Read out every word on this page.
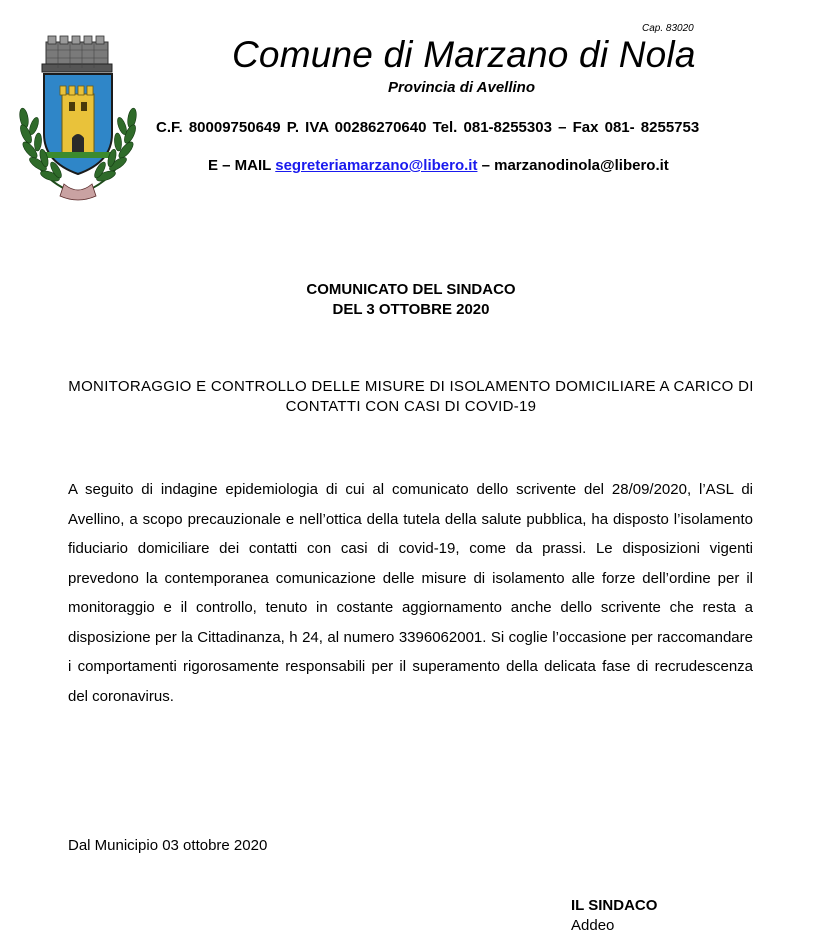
Cap. 83020
Comune di Marzano di Nola
Provincia di Avellino
C.F. 80009750649 P. IVA 00286270640 Tel. 081-8255303 – Fax 081- 8255753
E – MAIL segreteriamarzano@libero.it – marzanodinola@libero.it
COMUNICATO DEL SINDACO
DEL 3 OTTOBRE 2020
MONITORAGGIO E CONTROLLO DELLE MISURE DI ISOLAMENTO DOMICILIARE A CARICO DI CONTATTI CON CASI DI COVID-19

A seguito di indagine epidemiologia di cui al comunicato dello scrivente del 28/09/2020, l’ASL di Avellino, a scopo precauzionale e nell’ottica della tutela della salute pubblica, ha disposto l’isolamento fiduciario domiciliare dei contatti con casi di covid-19, come da prassi. Le disposizioni vigenti prevedono la contemporanea comunicazione delle misure di isolamento alle forze dell’ordine per il monitoraggio e il controllo, tenuto in costante aggiornamento anche dello scrivente che resta a disposizione per la Cittadinanza, h 24, al numero 3396062001. Si coglie l’occasione per raccomandare i comportamenti rigorosamente responsabili per il superamento della delicata fase di recrudescenza del coronavirus.

Dal Municipio 03 ottobre 2020
IL SINDACO
Addeo
